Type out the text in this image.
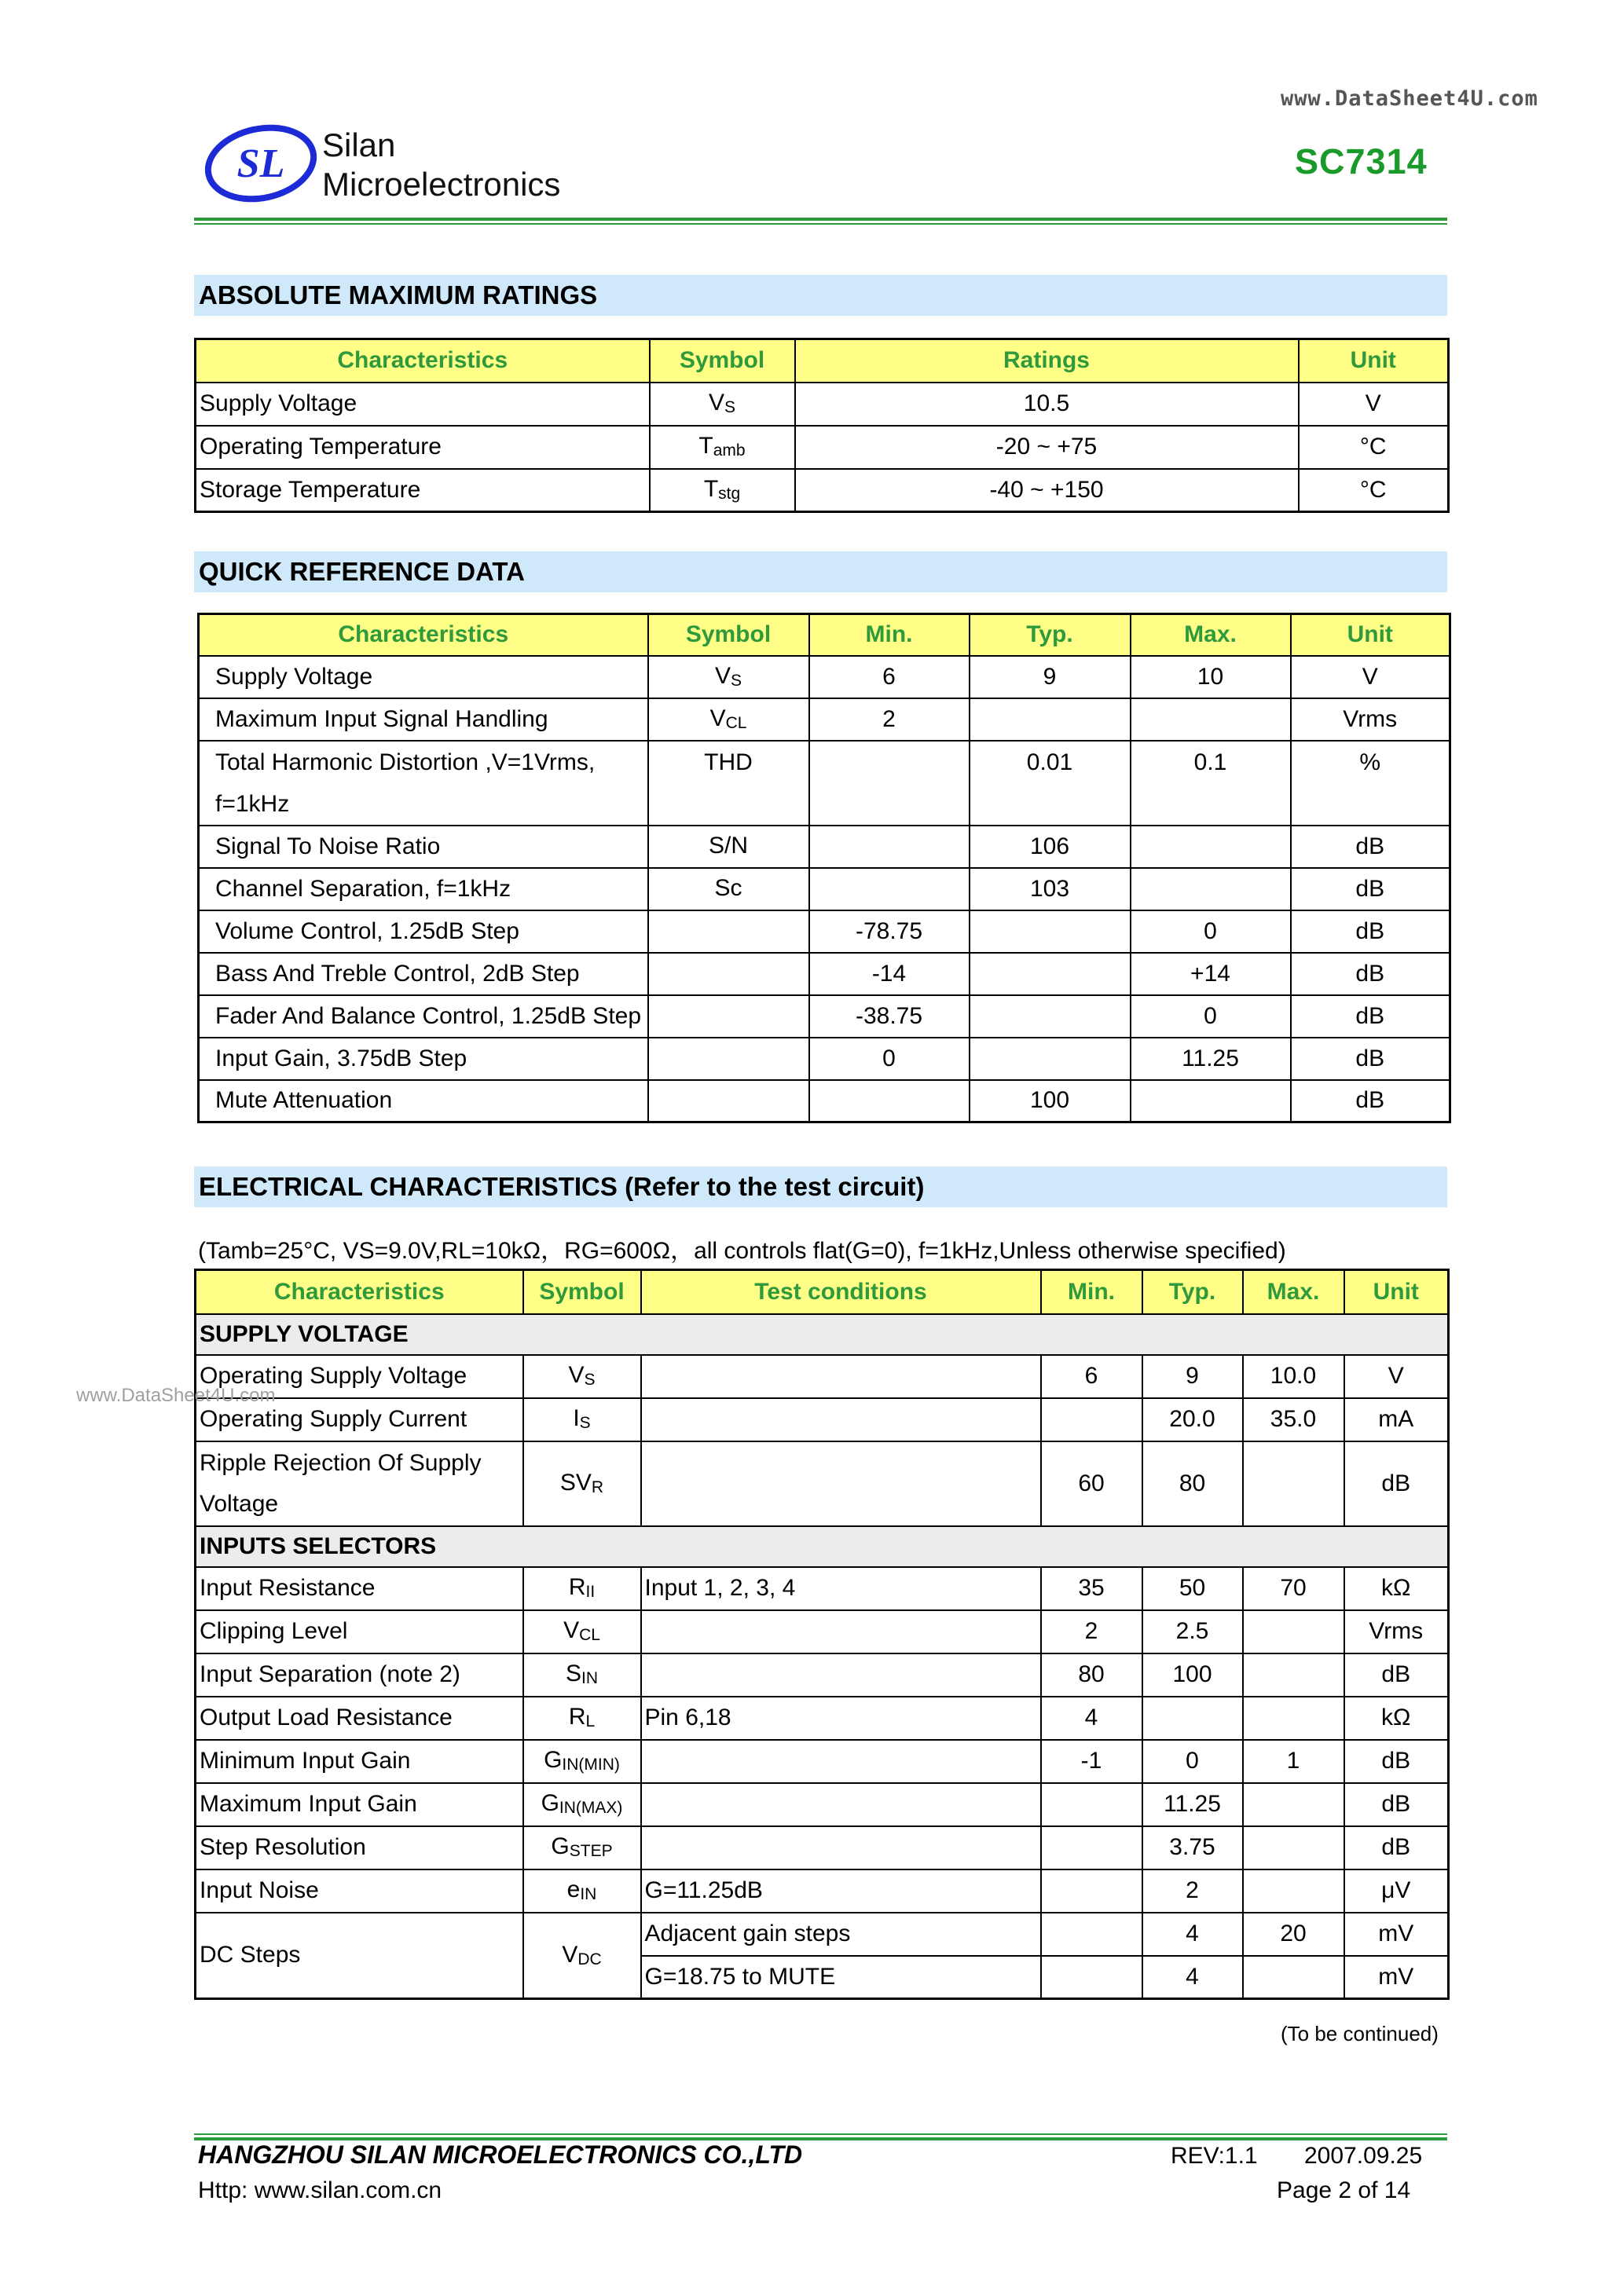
www.DataSheet4U.com
SL Silan
Microelectronics
SC7314
ABSOLUTE MAXIMUM RATINGS
Characteristics	Symbol	Ratings	Unit
Supply Voltage	$V_S$	10.5	V
Operating Temperature	$T_{amb}$	-20 ~ +75	°C
Storage Temperature	$T_{stg}$	-40 ~ +150	°C
QUICK REFERENCE DATA
Characteristics	Symbol	Min.	Typ.	Max.	Unit
Supply Voltage	$V_S$	6	9	10	V
Maximum Input Signal Handling	$V_{CL}$	2			Vrms

Total Harmonic Distortion ,V=1Vrms,
f=1kHz	THD		0.01	0.1	%
Signal To Noise Ratio	S/N		106		dB
Channel Separation, f=1kHz	Sc		103		dB
Volume Control, 1.25dB Step		-78.75		0	dB
Bass And Treble Control, 2dB Step		-14		+14	dB
Fader And Balance Control, 1.25dB Step		-38.75		0	dB
Input Gain, 3.75dB Step		0		11.25	dB
Mute Attenuation			100		dB
ELECTRICAL CHARACTERISTICS (Refer to the test circuit)
(Tamb=25°C, VS=9.0V,RL=10kΩ，RG=600Ω，all controls flat(G=0), f=1kHz,Unless otherwise specified)
Characteristics	Symbol	Test conditions	Min.	Typ.	Max.	Unit
SUPPLY VOLTAGE						
Operating Supply Voltage	$V_S$		6	9	10.0	V
Operating Supply Current	$I_S$			20.0	35.0	mA

Ripple Rejection Of Supply
Voltage	$SV_R$		60	80		dB
INPUTS SELECTORS						
Input Resistance	$R_{II}$	Input 1, 2, 3, 4	35	50	70	kΩ
Clipping Level	$V_{CL}$		2	2.5		Vrms
Input Separation (note 2)	$S_{IN}$		80	100		dB
Output Load Resistance	$R_L$	Pin 6,18	4			kΩ
Minimum Input Gain	$G_{IN(MIN)}$		-1	0	1	dB
Maximum Input Gain	$G_{IN(MAX)}$			11.25		dB
Step Resolution	$G_{STEP}$			3.75		dB
Input Noise	$e_{IN}$	G=11.25dB		2		μV
DC Steps	$V_{DC}$	Adjacent gain steps		4	20	mV
		G=18.75 to MUTE		4		mV
www.DataSheet4U.com
(To be continued)
HANGZHOU SILAN MICROELECTRONICS CO.,LTD	REV:1.1 2007.09.25
Http: www.silan.com.cn	Page 2 of 14
